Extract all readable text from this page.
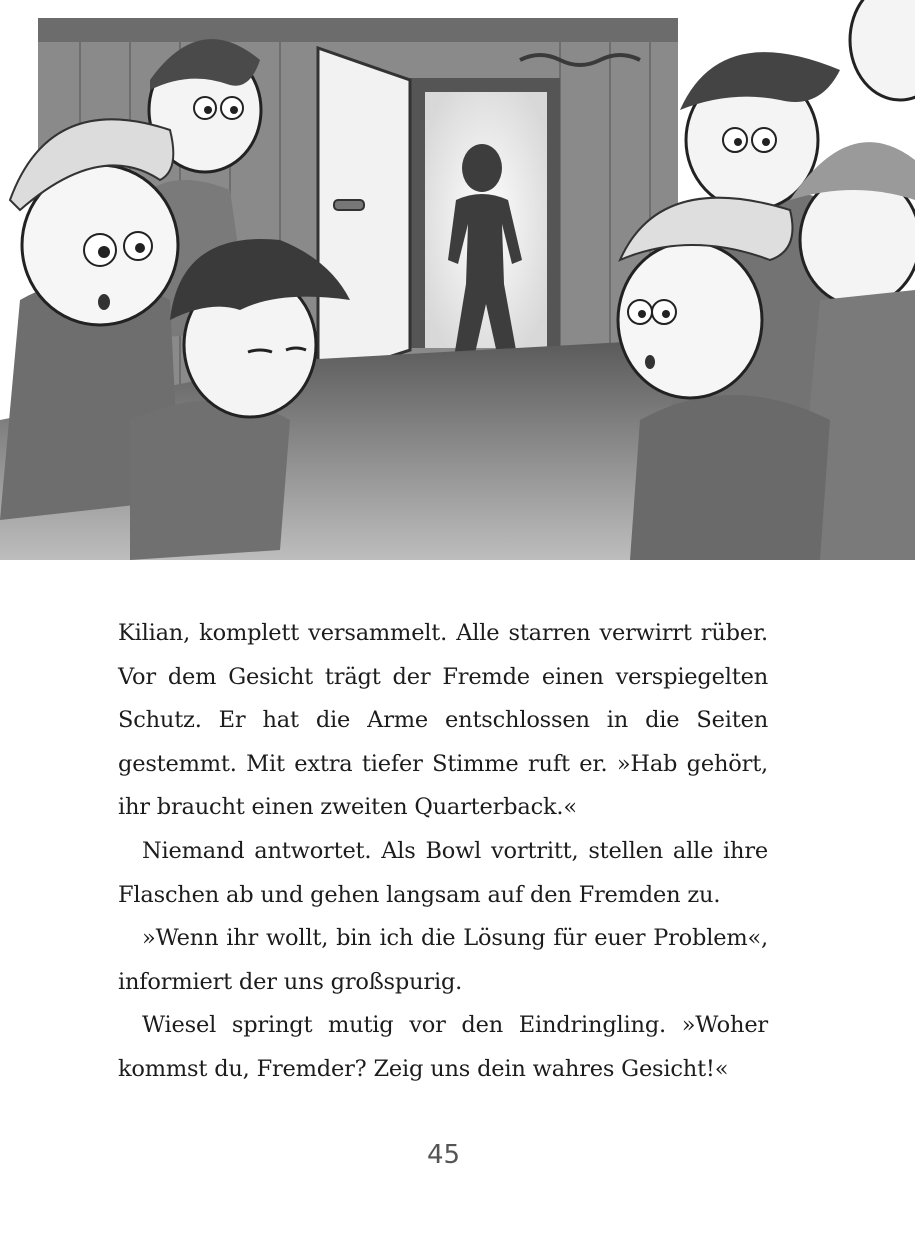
Kilian, komplett versammelt. Alle starren verwirrt rüber. Vor dem Gesicht trägt der Fremde einen verspiegelten Schutz. Er hat die Arme entschlossen in die Seiten gestemmt. Mit extra tiefer Stimme ruft er. »Hab gehört, ihr braucht einen zweiten Quarterback.«

Niemand antwortet. Als Bowl vortritt, stellen alle ihre Flaschen ab und gehen langsam auf den Fremden zu.

»Wenn ihr wollt, bin ich die Lösung für euer Problem«, informiert der uns großspurig.

Wiesel springt mutig vor den Eindringling. »Woher kommst du, Fremder? Zeig uns dein wahres Gesicht!«

45
